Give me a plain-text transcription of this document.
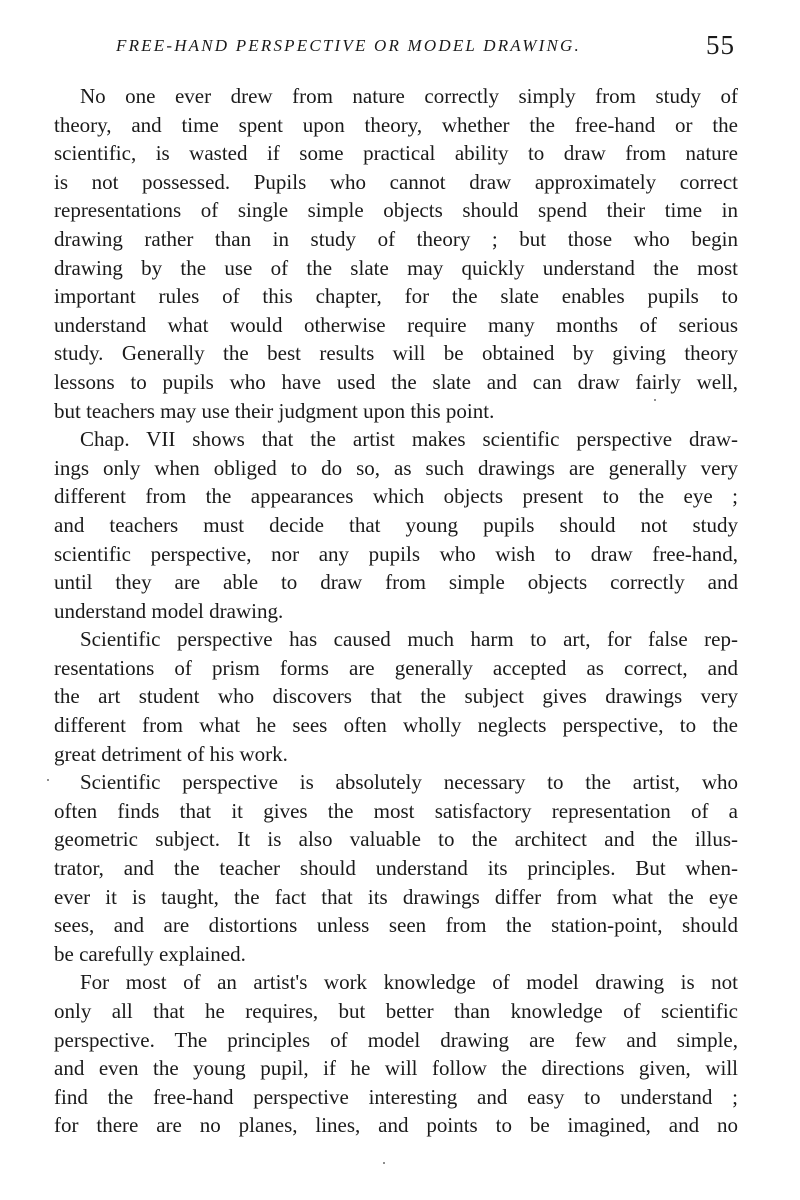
FREE-HAND PERSPECTIVE OR MODEL DRAWING.	55
No one ever drew from nature correctly simply from study of
theory, and time spent upon theory, whether the free-hand or the
scientific, is wasted if some practical ability to draw from nature
is not possessed. Pupils who cannot draw approximately correct
representations of single simple objects should spend their time in
drawing rather than in study of theory ; but those who begin
drawing by the use of the slate may quickly understand the most
important rules of this chapter, for the slate enables pupils to
understand what would otherwise require many months of serious
study. Generally the best results will be obtained by giving theory
lessons to pupils who have used the slate and can draw fairly well,
but teachers may use their judgment upon this point.
Chap. VII shows that the artist makes scientific perspective draw-
ings only when obliged to do so, as such drawings are generally very
different from the appearances which objects present to the eye ;
and teachers must decide that young pupils should not study
scientific perspective, nor any pupils who wish to draw free-hand,
until they are able to draw from simple objects correctly and
understand model drawing.
Scientific perspective has caused much harm to art, for false rep-
resentations of prism forms are generally accepted as correct, and
the art student who discovers that the subject gives drawings very
different from what he sees often wholly neglects perspective, to the
great detriment of his work.
Scientific perspective is absolutely necessary to the artist, who
often finds that it gives the most satisfactory representation of a
geometric subject. It is also valuable to the architect and the illus-
trator, and the teacher should understand its principles. But when-
ever it is taught, the fact that its drawings differ from what the eye
sees, and are distortions unless seen from the station-point, should
be carefully explained.
For most of an artist's work knowledge of model drawing is not
only all that he requires, but better than knowledge of scientific
perspective. The principles of model drawing are few and simple,
and even the young pupil, if he will follow the directions given, will
find the free-hand perspective interesting and easy to understand ;
for there are no planes, lines, and points to be imagined, and no
